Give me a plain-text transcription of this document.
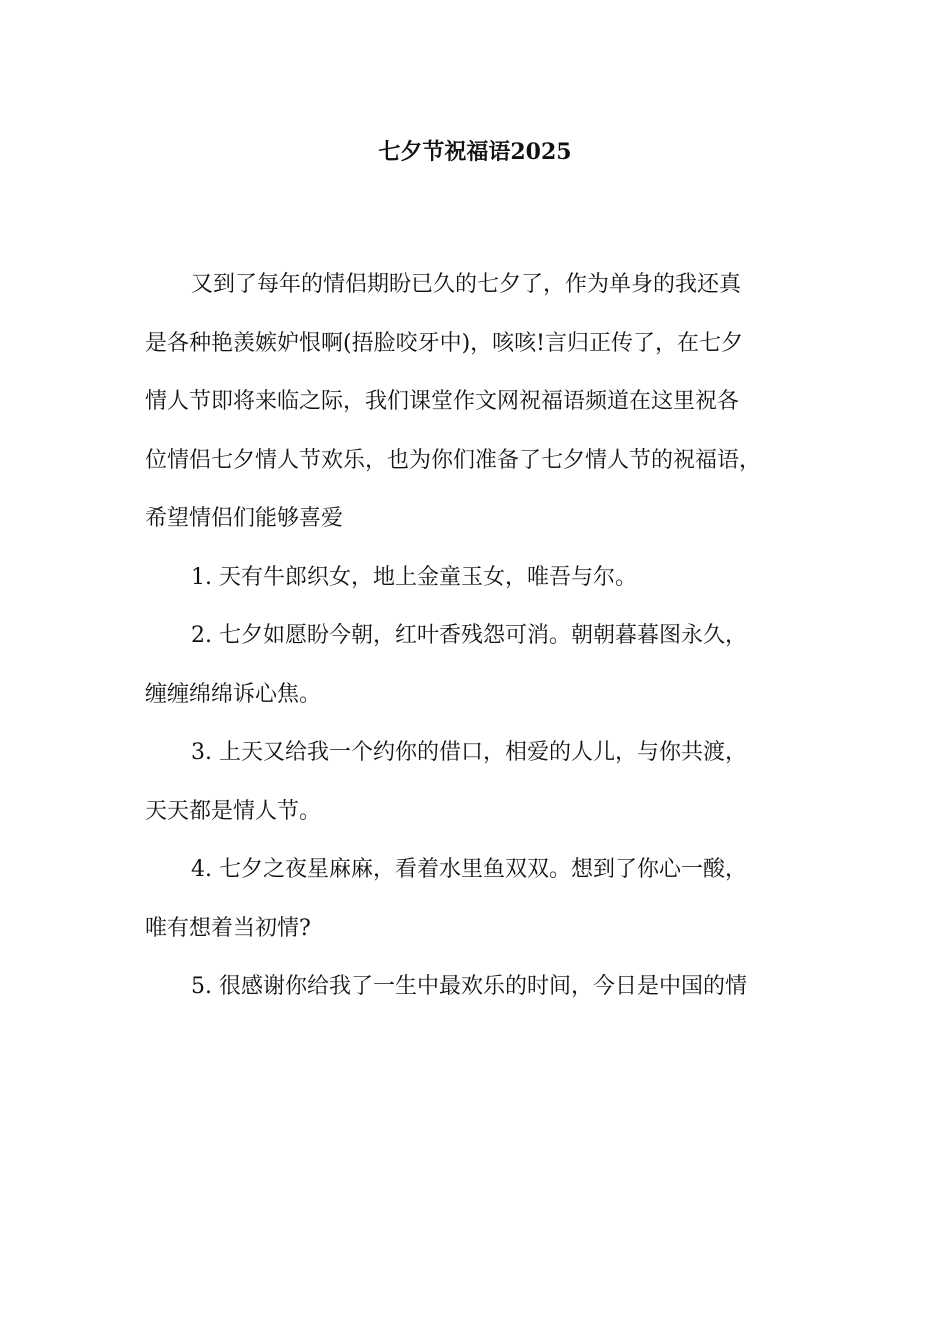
七夕节祝福语2025
又到了每年的情侣期盼已久的七夕了，作为单身的我还真
是各种艳羡嫉妒恨啊(捂脸咬牙中)，咳咳!言归正传了，在七夕
情人节即将来临之际，我们课堂作文网祝福语频道在这里祝各
位情侣七夕情人节欢乐，也为你们准备了七夕情人节的祝福语，
希望情侣们能够喜爱
1. 天有牛郎织女，地上金童玉女，唯吾与尔。
2. 七夕如愿盼今朝，红叶香残怨可消。朝朝暮暮图永久，
缠缠绵绵诉心焦。
3. 上天又给我一个约你的借口，相爱的人儿，与你共渡，
天天都是情人节。
4. 七夕之夜星麻麻，看着水里鱼双双。想到了你心一酸，
唯有想着当初情?
5. 很感谢你给我了一生中最欢乐的时间，今日是中国的情
